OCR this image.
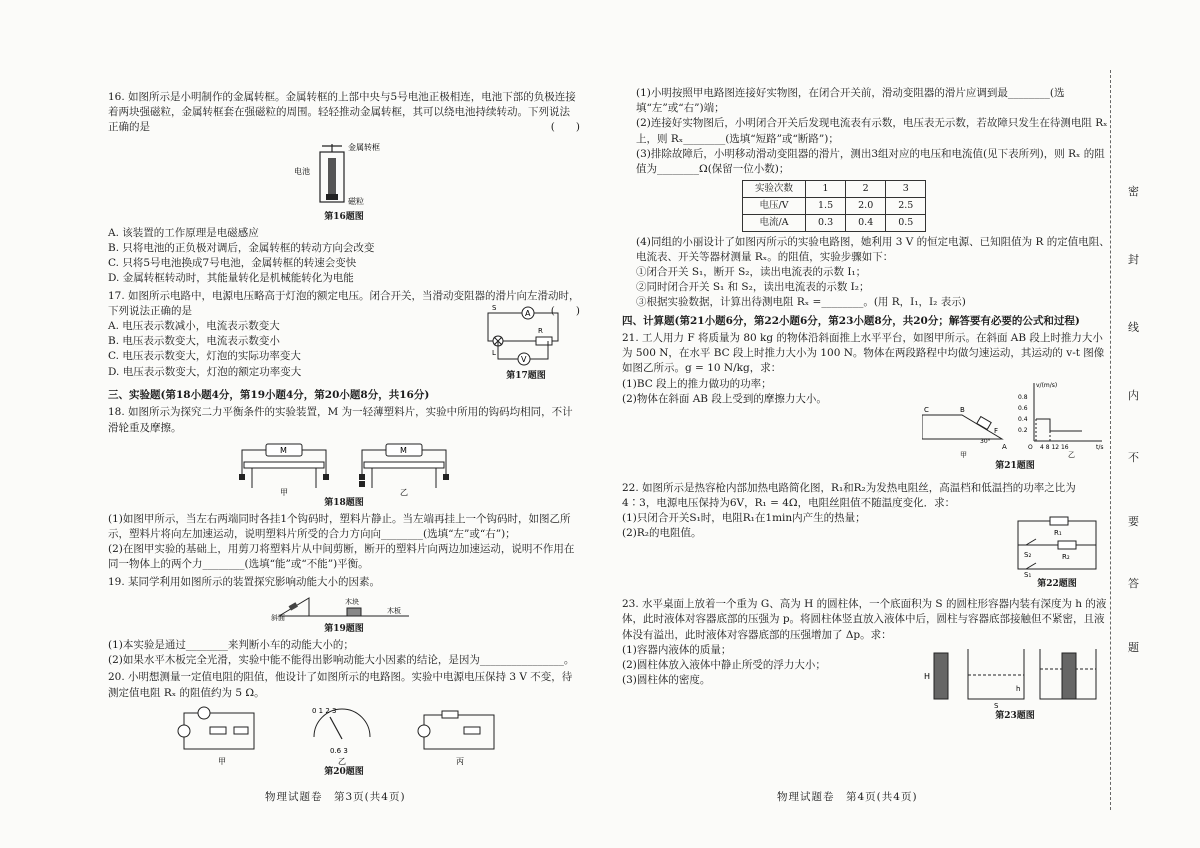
16. 如图所示是小明制作的金属转框。金属转框的上部中央与5号电池正极相连，电池下部的负极连接着两块强磁粒，金属转框套在强磁粒的周围。轻轻推动金属转框，其可以绕电池持续转动。下列说法正确的是	(　　)

金属转框
电池
磁粒
第16题图

A. 该装置的工作原理是电磁感应

B. 只将电池的正负极对调后，金属转框的转动方向会改变

C. 只将5号电池换成7号电池，金属转框的转速会变快

D. 金属转框转动时，其能量转化是机械能转化为电能

17. 如图所示电路中，电源电压略高于灯泡的额定电压。闭合开关，当滑动变阻器的滑片向左滑动时，下列说法正确的是	(　　)

A. 电压表示数减小，电流表示数变大

B. 电压表示数变大，电流表示数变小

C. 电压表示数变大，灯泡的实际功率变大

D. 电压表示数变大，灯泡的额定功率变大

A
R
V
L
S
第17题图

三、实验题(第18小题4分，第19小题4分，第20小题8分，共16分)

18. 如图所示为探究二力平衡条件的实验装置，M 为一轻薄塑料片，实验中所用的钩码均相同，不计滑轮重及摩擦。

M
甲
M
乙
第18题图

(1)如图甲所示，当左右两端同时各挂1个钩码时，塑料片静止。当左端再挂上一个钩码时，如图乙所示，塑料片将向左加速运动，说明塑料片所受的合力方向向________(选填“左”或“右”)；

(2)在图甲实验的基础上，用剪刀将塑料片从中间剪断，断开的塑料片向两边加速运动，说明不作用在同一物体上的两个力________(选填“能”或“不能”)平衡。

19. 某同学利用如图所示的装置探究影响动能大小的因素。

斜面
木块
木板
第19题图

(1)本实验是通过________来判断小车的动能大小的；

(2)如果水平木板完全光滑，实验中能不能得出影响动能大小因素的结论，是因为________________。

20. 小明想测量一定值电阻的阻值，他设计了如图所示的电路图。实验中电源电压保持 3 V 不变，待测定值电阻 Rₓ 的阻值约为 5 Ω。

甲
0 1 2 3
0.6 3
乙	丙
第20题图
物理试题卷　第3页(共4页)

(1)小明按照甲电路图连接好实物图，在闭合开关前，滑动变阻器的滑片应调到最________(选填“左”或“右”)端；

(2)连接好实物图后，小明闭合开关后发现电流表有示数，电压表无示数，若故障只发生在待测电阻 Rₓ 上，则 Rₓ________(选填“短路”或“断路”)；

(3)排除故障后，小明移动滑动变阻器的滑片，测出3组对应的电压和电流值(见下表所列)，则 Rₓ 的阻值为________Ω(保留一位小数)；

实验次数	1	2	3
电压/V	1.5	2.0	2.5
电流/A	0.3	0.4	0.5

(4)同组的小丽设计了如图丙所示的实验电路图，她利用 3 V 的恒定电源、已知阻值为 R 的定值电阻、电流表、开关等器材测量 Rₓ。的阻值，实验步骤如下：

①闭合开关 S₁，断开 S₂，读出电流表的示数 I₁；

②同时闭合开关 S₁ 和 S₂，读出电流表的示数 I₂；

③根据实验数据，计算出待测电阻 Rₓ =________。(用 R，I₁，I₂ 表示)

四、计算题(第21小题6分，第22小题6分，第23小题8分，共20分；解答要有必要的公式和过程)

21. 工人用力 F 将质量为 80 kg 的物体沿斜面推上水平平台，如图甲所示。在斜面 AB 段上时推力大小为 500 N，在水平 BC 段上时推力大小为 100 N。物体在两段路程中均做匀速运动，其运动的 v-t 图像如图乙所示。g = 10 N/kg，求：

(1)BC 段上的推力做功的功率；

(2)物体在斜面 AB 段上受到的摩擦力大小。

C	B
A
F
30°
甲
v/(m/s)
t/s
O 4 8 12 16
0.8
0.6
0.4
0.2
乙
第21题图

22. 如图所示是热容枪内部加热电路简化图，R₁和R₂为发热电阻丝，高温档和低温挡的功率之比为4∶3，电源电压保持为6V，R₁ = 4Ω，电阻丝阻值不随温度变化．求：

(1)只闭合开关S₁时，电阻R₁在1min内产生的热量；

(2)R₂的电阻值。	R₁
R₂
S₂
S₁
第22题图

23. 水平桌面上放着一个重为 G、高为 H 的圆柱体，一个底面积为 S 的圆柱形容器内装有深度为 h 的液体，此时液体对容器底部的压强为 p。将圆柱体竖直放入液体中后，圆柱与容器底部接触但不紧密，且液体没有溢出，此时液体对容器底部的压强增加了 Δp。求：

(1)容器内液体的质量；

(2)圆柱体放入液体中静止所受的浮力大小；

(3)圆柱体的密度。	H
h
S
第23题图
物理试题卷　第4页(共4页)
密
封
线
内
不
要
答
题
